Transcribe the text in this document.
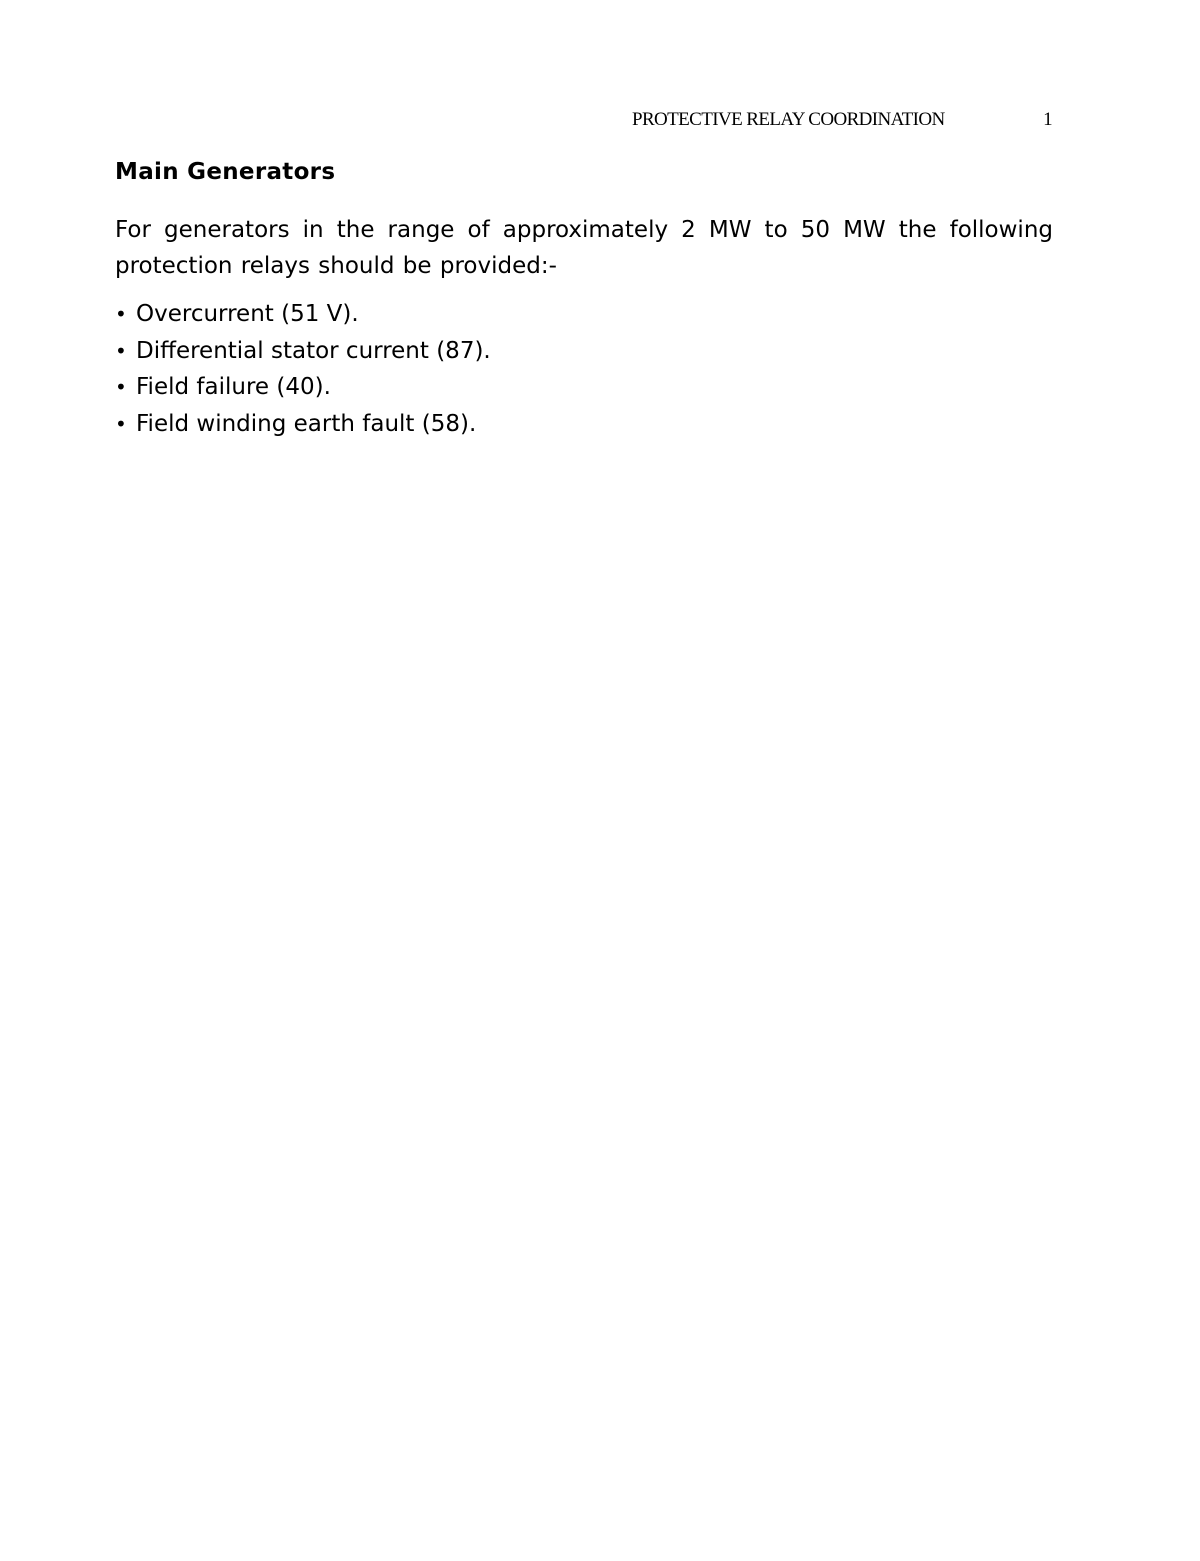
PROTECTIVE RELAY COORDINATION	1
Main Generators

For generators in the range of approximately 2 MW to 50 MW the following protection relays should be provided:-

• Overcurrent (51 V).
• Differential stator current (87).
• Field failure (40).
• Field winding earth fault (58).
